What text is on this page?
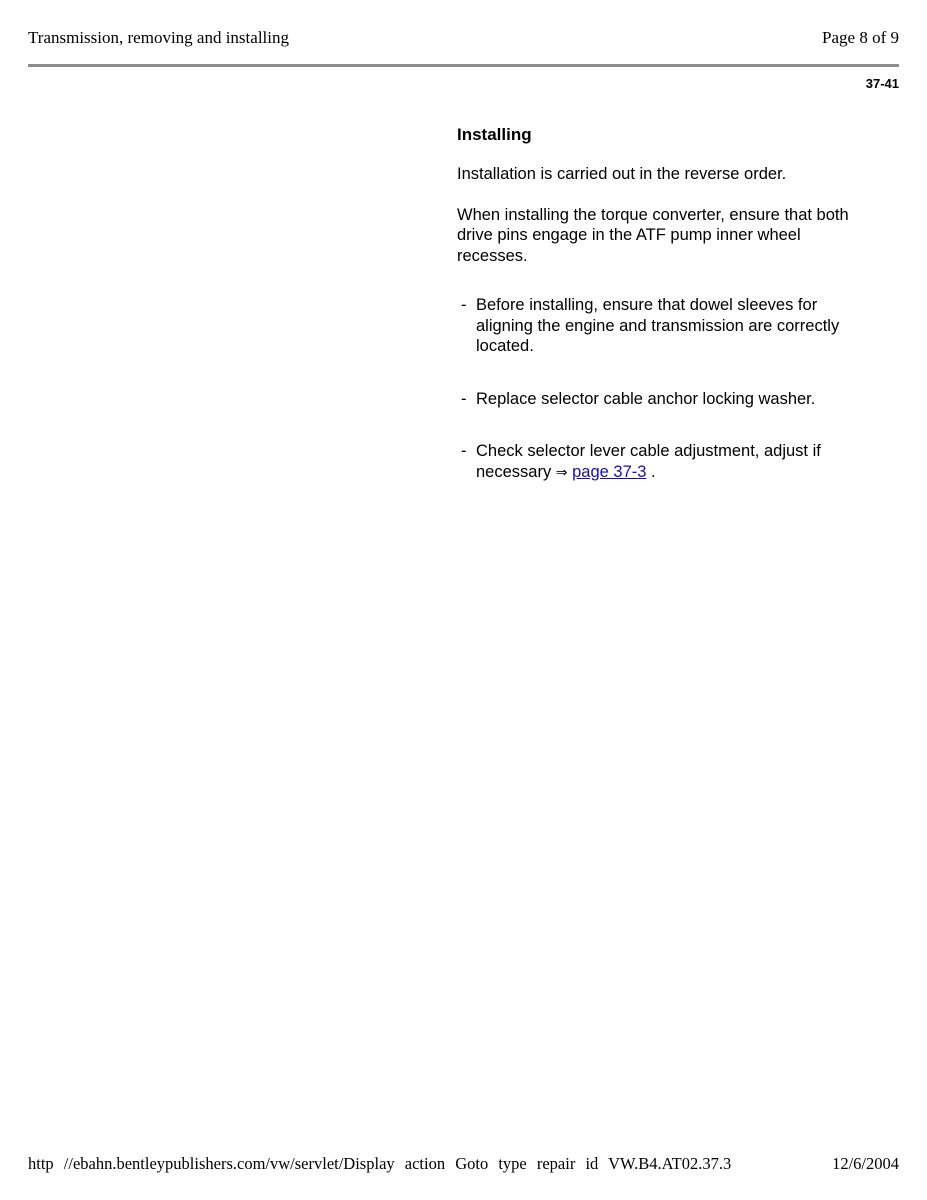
Transmission, removing and installing	Page 8 of 9
37-41
Installing

Installation is carried out in the reverse order.

When installing the torque converter, ensure that both drive pins engage in the ATF pump inner wheel recesses.

- Before installing, ensure that dowel sleeves for aligning the engine and transmission are correctly located.
- Replace selector cable anchor locking washer.
- Check selector lever cable adjustment, adjust if necessary ⇒ page 37-3 .
http //ebahn.bentleypublishers.com/vw/servlet/Display action Goto type repair id VW.B4.AT02.37.3	12/6/2004
